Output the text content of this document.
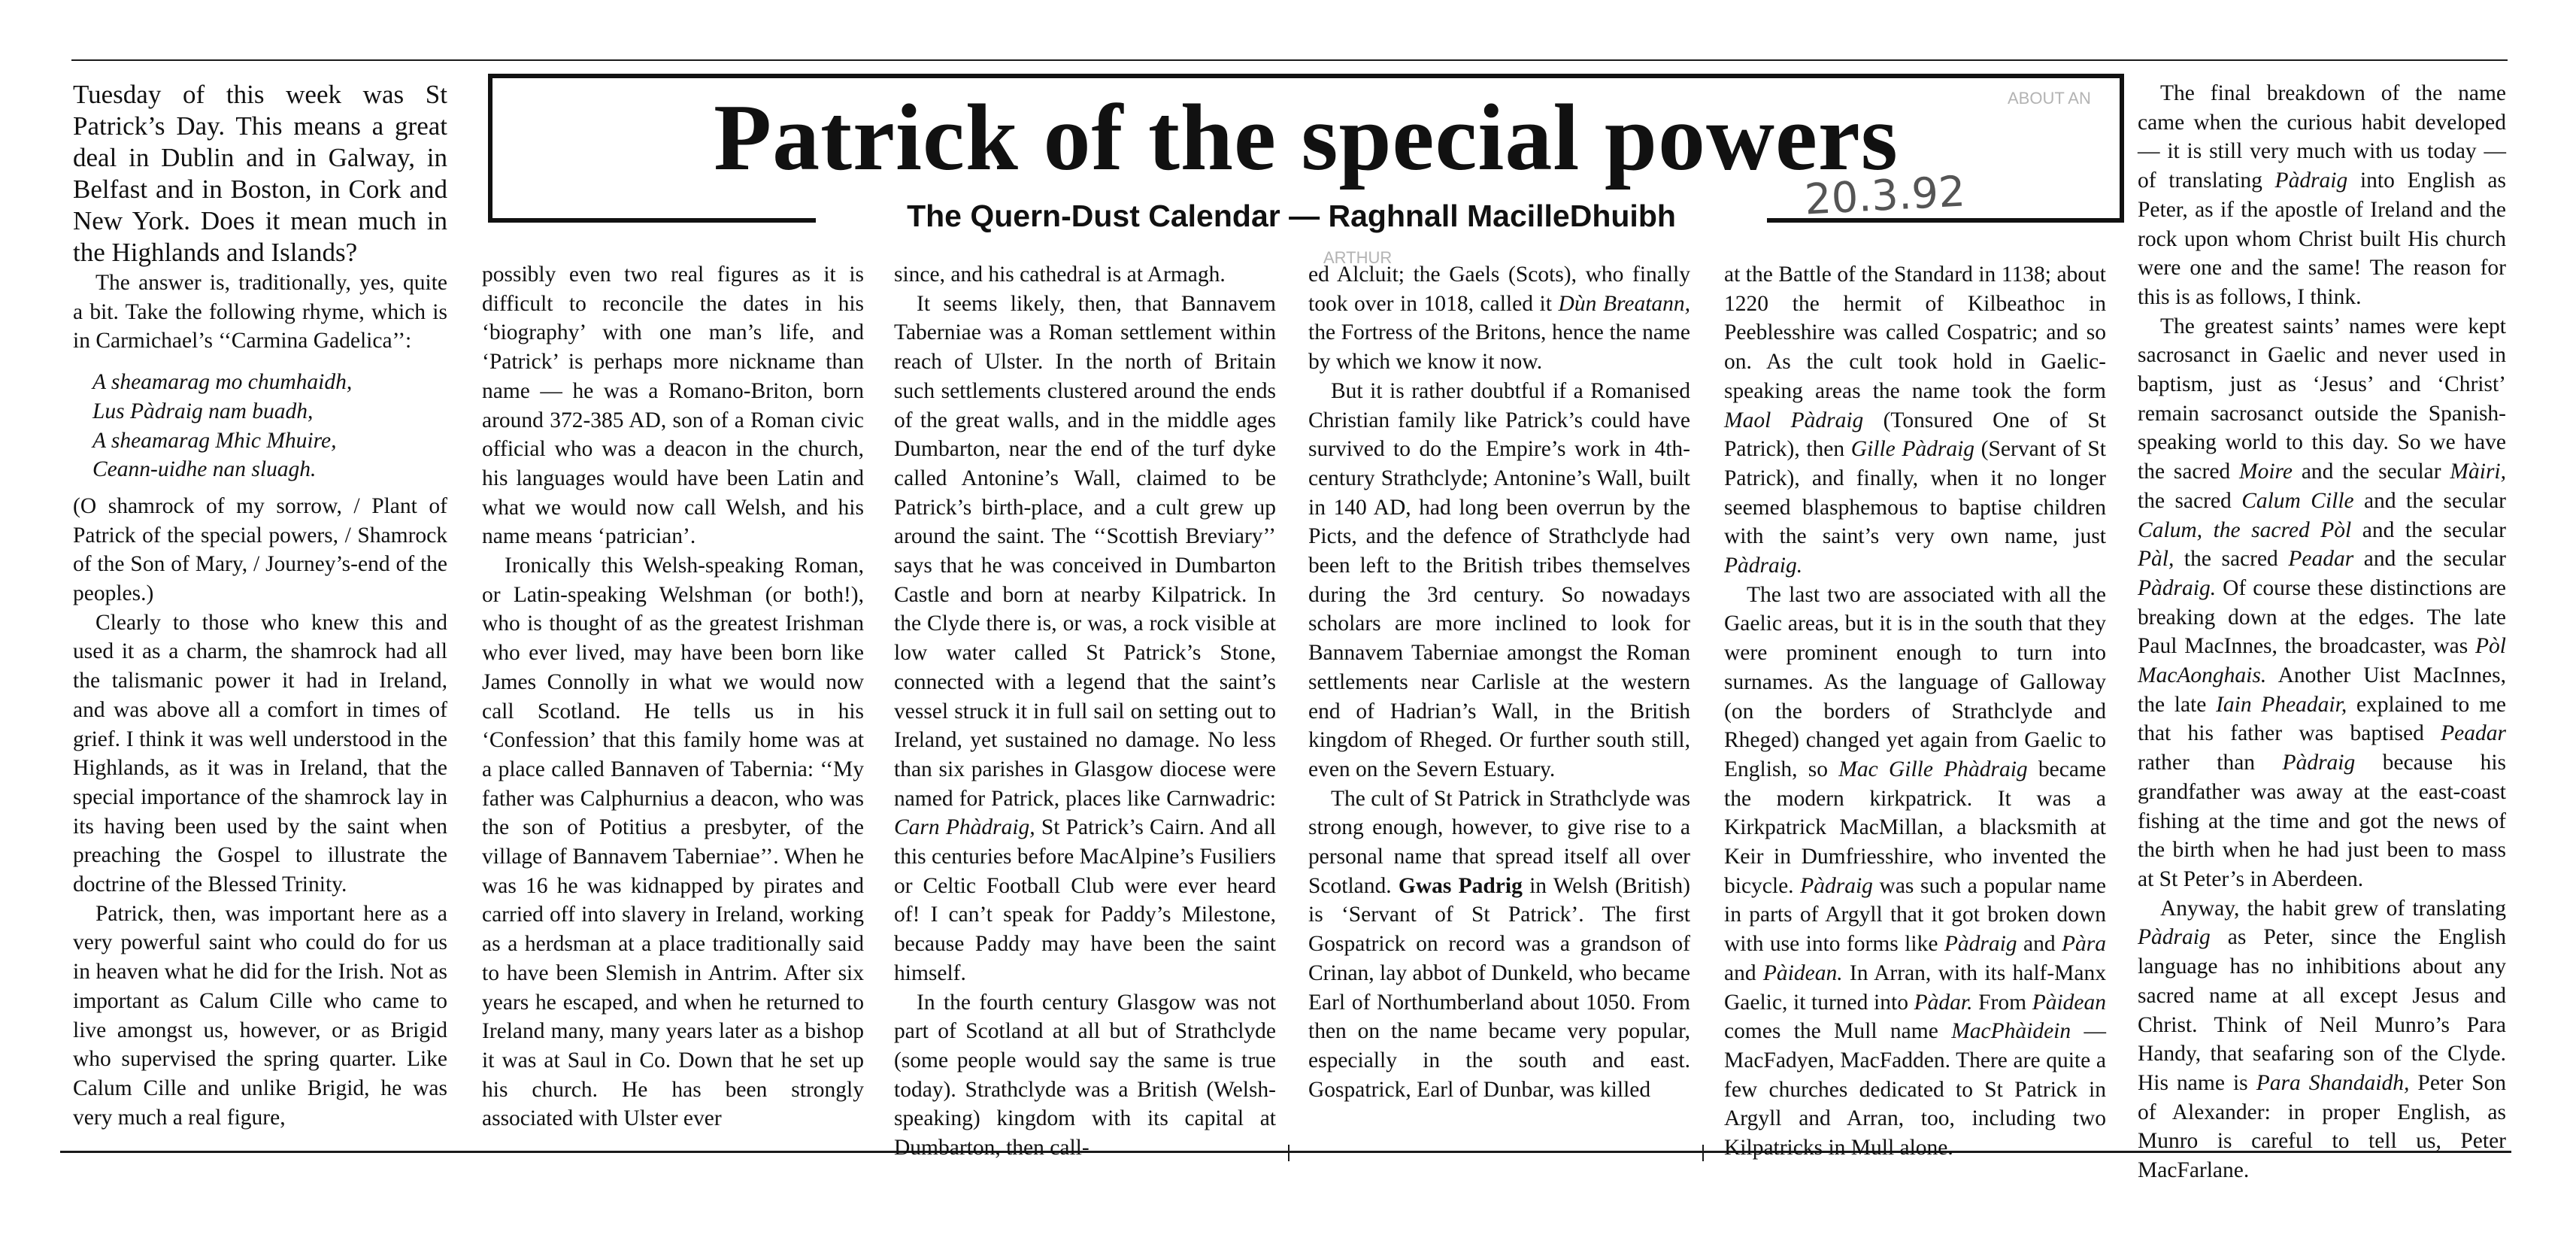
ABOUT AN
ARTHUR
Patrick of the special powers
The Quern-Dust Calendar — Raghnall MacilleDhuibh	20.3.92

Tuesday of this week was St Patrick’s Day. This means a great deal in Dublin and in Galway, in Belfast and in Boston, in Cork and New York. Does it mean much in the Highlands and Islands?

The answer is, traditionally, yes, quite a bit. Take the following rhyme, which is in Carmichael’s ‘‘Carmina Gadelica’’:

A sheamarag mo chumhaidh,
Lus Pàdraig nam buadh,
A sheamarag Mhic Mhuire,
Ceann-uidhe nan sluagh.

(O shamrock of my sorrow, / Plant of Patrick of the special powers, / Shamrock of the Son of Mary, / Journey’s-end of the peoples.)

Clearly to those who knew this and used it as a charm, the shamrock had all the talismanic power it had in Ireland, and was above all a comfort in times of grief. I think it was well understood in the Highlands, as it was in Ireland, that the special importance of the shamrock lay in its having been used by the saint when preaching the Gospel to illustrate the doctrine of the Blessed Trinity.

Patrick, then, was important here as a very powerful saint who could do for us in heaven what he did for the Irish. Not as important as Calum Cille who came to live amongst us, however, or as Brigid who supervised the spring quarter. Like Calum Cille and unlike Brigid, he was very much a real figure,

possibly even two real figures as it is difficult to reconcile the dates in his ‘biography’ with one man’s life, and ‘Patrick’ is perhaps more nickname than name — he was a Romano-Briton, born around 372-385 AD, son of a Roman civic official who was a deacon in the church, his languages would have been Latin and what we would now call Welsh, and his name means ‘patrician’.

Ironically this Welsh-speaking Roman, or Latin-speaking Welshman (or both!), who is thought of as the greatest Irishman who ever lived, may have been born like James Connolly in what we would now call Scotland. He tells us in his ‘Confession’ that this family home was at a place called Bannaven of Tabernia: ‘‘My father was Calphurnius a deacon, who was the son of Potitius a presbyter, of the village of Bannavem Taberniae’’. When he was 16 he was kidnapped by pirates and carried off into slavery in Ireland, working as a herdsman at a place traditionally said to have been Slemish in Antrim. After six years he escaped, and when he returned to Ireland many, many years later as a bishop it was at Saul in Co. Down that he set up his church. He has been strongly associated with Ulster ever

since, and his cathedral is at Armagh.

It seems likely, then, that Bannavem Taberniae was a Roman settlement within reach of Ulster. In the north of Britain such settlements clustered around the ends of the great walls, and in the middle ages Dumbarton, near the end of the turf dyke called Antonine’s Wall, claimed to be Patrick’s birth-place, and a cult grew up around the saint. The ‘‘Scottish Breviary’’ says that he was conceived in Dumbarton Castle and born at nearby Kilpatrick. In the Clyde there is, or was, a rock visible at low water called St Patrick’s Stone, connected with a legend that the saint’s vessel struck it in full sail on setting out to Ireland, yet sustained no damage. No less than six parishes in Glasgow diocese were named for Patrick, places like Carnwadric: Carn Phàdraig, St Patrick’s Cairn. And all this centuries before MacAlpine’s Fusiliers or Celtic Football Club were ever heard of! I can’t speak for Paddy’s Milestone, because Paddy may have been the saint himself.

In the fourth century Glasgow was not part of Scotland at all but of Strathclyde (some people would say the same is true today). Strathclyde was a British (Welsh-speaking) kingdom with its capital at Dumbarton, then call-

ed Alcluit; the Gaels (Scots), who finally took over in 1018, called it Dùn Breatann, the Fortress of the Britons, hence the name by which we know it now.

But it is rather doubtful if a Romanised Christian family like Patrick’s could have survived to do the Empire’s work in 4th-century Strathclyde; Antonine’s Wall, built in 140 AD, had long been overrun by the Picts, and the defence of Strathclyde had been left to the British tribes themselves during the 3rd century. So nowadays scholars are more inclined to look for Bannavem Taberniae amongst the Roman settlements near Carlisle at the western end of Hadrian’s Wall, in the British kingdom of Rheged. Or further south still, even on the Severn Estuary.

The cult of St Patrick in Strathclyde was strong enough, however, to give rise to a personal name that spread itself all over Scotland. Gwas Padrig in Welsh (British) is ‘Servant of St Patrick’. The first Gospatrick on record was a grandson of Crinan, lay abbot of Dunkeld, who became Earl of Northumberland about 1050. From then on the name became very popular, especially in the south and east. Gospatrick, Earl of Dunbar, was killed

at the Battle of the Standard in 1138; about 1220 the hermit of Kilbeathoc in Peeblesshire was called Cospatric; and so on. As the cult took hold in Gaelic-speaking areas the name took the form Maol Pàdraig (Tonsured One of St Patrick), then Gille Pàdraig (Servant of St Patrick), and finally, when it no longer seemed blasphemous to baptise children with the saint’s very own name, just Pàdraig.

The last two are associated with all the Gaelic areas, but it is in the south that they were prominent enough to turn into surnames. As the language of Galloway (on the borders of Strathclyde and Rheged) changed yet again from Gaelic to English, so Mac Gille Phàdraig became the modern kirkpatrick. It was a Kirkpatrick MacMillan, a blacksmith at Keir in Dumfriesshire, who invented the bicycle. Pàdraig was such a popular name in parts of Argyll that it got broken down with use into forms like Pàdraig and Pàra and Pàidean. In Arran, with its half-Manx Gaelic, it turned into Pàdar. From Pàidean comes the Mull name MacPhàidein — MacFadyen, MacFadden. There are quite a few churches dedicated to St Patrick in Argyll and Arran, too, including two Kilpatricks in Mull alone.

The final breakdown of the name came when the curious habit developed — it is still very much with us today — of translating Pàdraig into English as Peter, as if the apostle of Ireland and the rock upon whom Christ built His church were one and the same! The reason for this is as follows, I think.

The greatest saints’ names were kept sacrosanct in Gaelic and never used in baptism, just as ‘Jesus’ and ‘Christ’ remain sacrosanct outside the Spanish-speaking world to this day. So we have the sacred Moire and the secular Màiri, the sacred Calum Cille and the secular Calum, the sacred Pòl and the secular Pàl, the sacred Peadar and the secular Pàdraig. Of course these distinctions are breaking down at the edges. The late Paul MacInnes, the broadcaster, was Pòl MacAonghais. Another Uist MacInnes, the late Iain Pheadair, explained to me that his father was baptised Peadar rather than Pàdraig because his grandfather was away at the east-coast fishing at the time and got the news of the birth when he had just been to mass at St Peter’s in Aberdeen.

Anyway, the habit grew of translating Pàdraig as Peter, since the English language has no inhibitions about any sacred name at all except Jesus and Christ. Think of Neil Munro’s Para Handy, that seafaring son of the Clyde. His name is Para Shandaidh, Peter Son of Alexander: in proper English, as Munro is careful to tell us, Peter MacFarlane.
